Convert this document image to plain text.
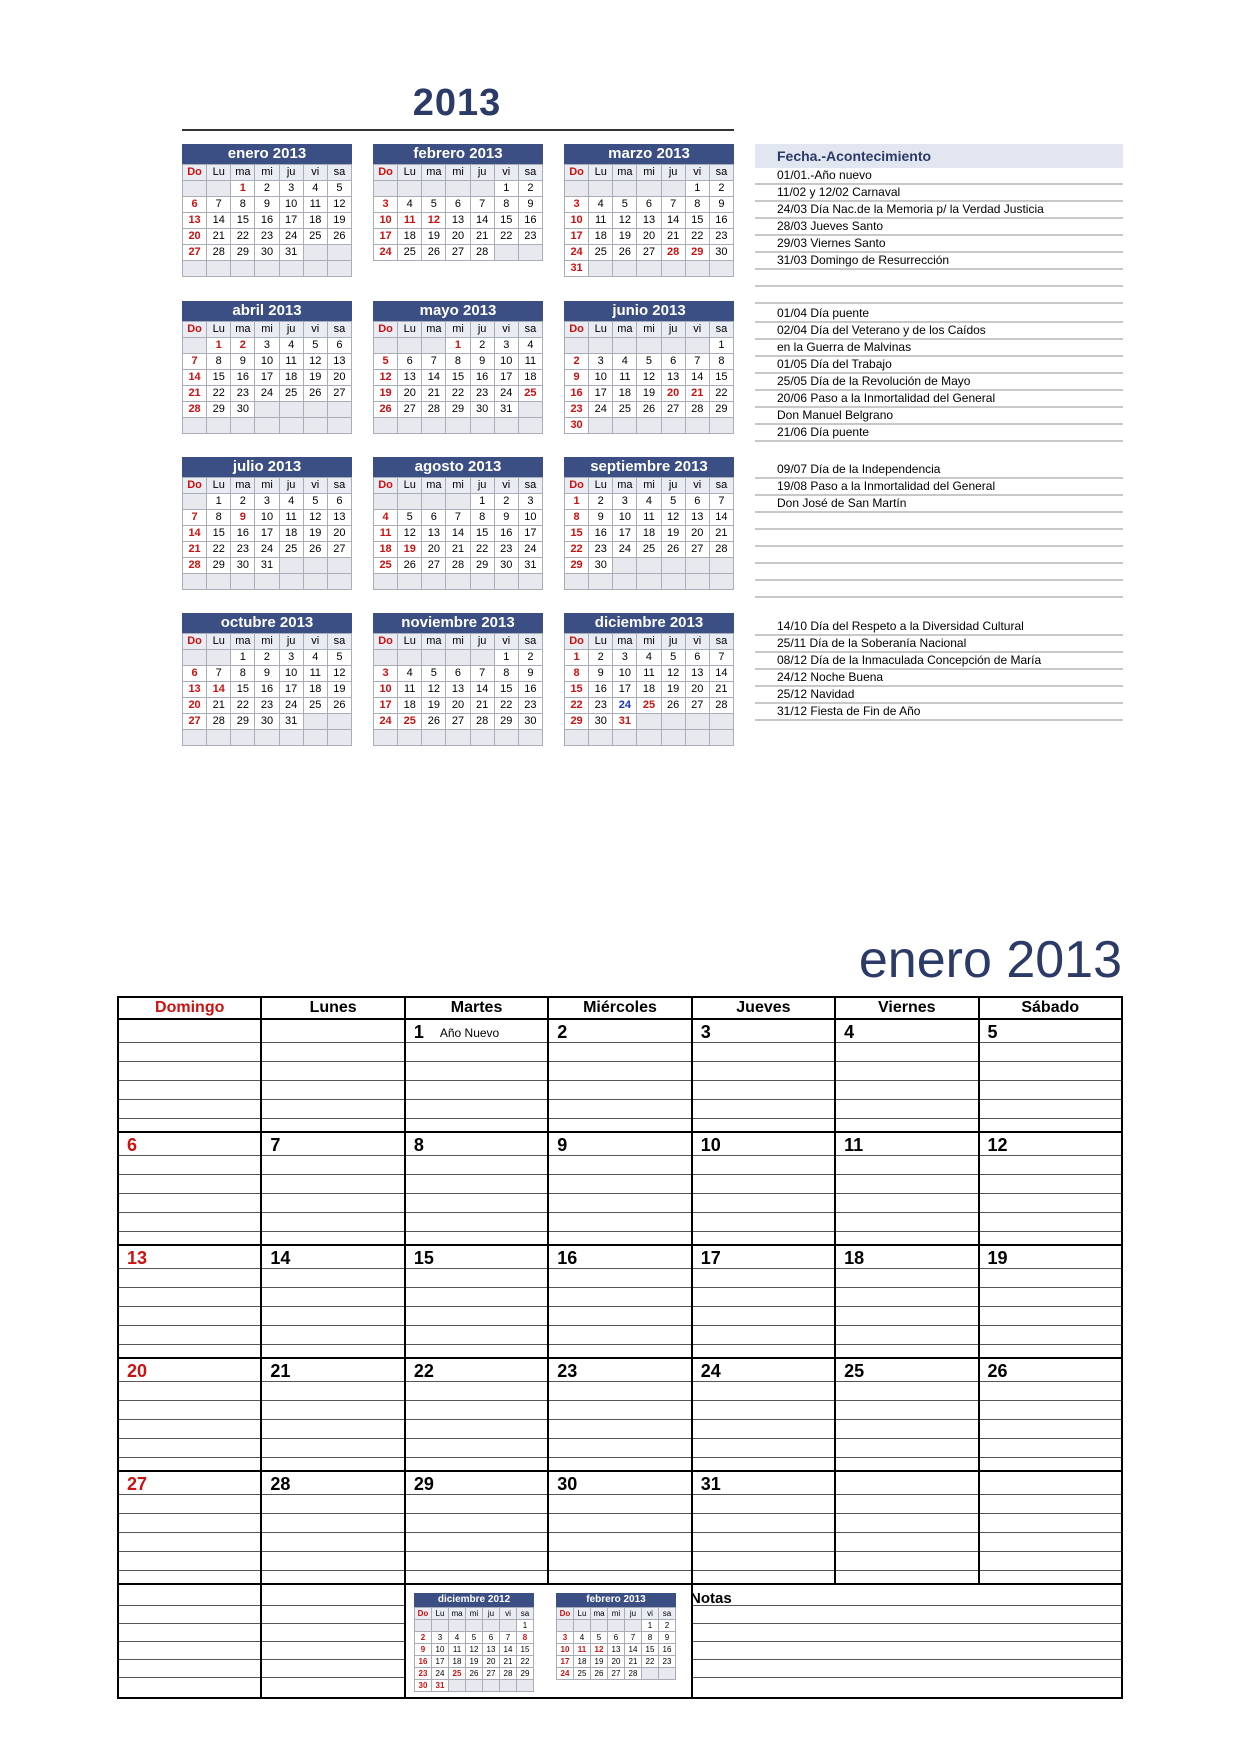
2013
enero 2013
Do	Lu	ma	mi	ju	vi	sa
		1	2	3	4	5
6	7	8	9	10	11	12
13	14	15	16	17	18	19
20	21	22	23	24	25	26
27	28	29	30	31		

febrero 2013
Do	Lu	ma	mi	ju	vi	sa
					1	2
3	4	5	6	7	8	9
10	11	12	13	14	15	16
17	18	19	20	21	22	23
24	25	26	27	28		
marzo 2013
Do	Lu	ma	mi	ju	vi	sa
					1	2
3	4	5	6	7	8	9
10	11	12	13	14	15	16
17	18	19	20	21	22	23
24	25	26	27	28	29	30
31						
abril 2013
Do	Lu	ma	mi	ju	vi	sa
	1	2	3	4	5	6
7	8	9	10	11	12	13
14	15	16	17	18	19	20
21	22	23	24	25	26	27
28	29	30				

mayo 2013
Do	Lu	ma	mi	ju	vi	sa
			1	2	3	4
5	6	7	8	9	10	11
12	13	14	15	16	17	18
19	20	21	22	23	24	25
26	27	28	29	30	31	

junio 2013
Do	Lu	ma	mi	ju	vi	sa
						1
2	3	4	5	6	7	8
9	10	11	12	13	14	15
16	17	18	19	20	21	22
23	24	25	26	27	28	29
30						
julio 2013
Do	Lu	ma	mi	ju	vi	sa
	1	2	3	4	5	6
7	8	9	10	11	12	13
14	15	16	17	18	19	20
21	22	23	24	25	26	27
28	29	30	31			

agosto 2013
Do	Lu	ma	mi	ju	vi	sa
				1	2	3
4	5	6	7	8	9	10
11	12	13	14	15	16	17
18	19	20	21	22	23	24
25	26	27	28	29	30	31

septiembre 2013
Do	Lu	ma	mi	ju	vi	sa
1	2	3	4	5	6	7
8	9	10	11	12	13	14
15	16	17	18	19	20	21
22	23	24	25	26	27	28
29	30					

octubre 2013
Do	Lu	ma	mi	ju	vi	sa
		1	2	3	4	5
6	7	8	9	10	11	12
13	14	15	16	17	18	19
20	21	22	23	24	25	26
27	28	29	30	31		

noviembre 2013
Do	Lu	ma	mi	ju	vi	sa
					1	2
3	4	5	6	7	8	9
10	11	12	13	14	15	16
17	18	19	20	21	22	23
24	25	26	27	28	29	30

diciembre 2013
Do	Lu	ma	mi	ju	vi	sa
1	2	3	4	5	6	7
8	9	10	11	12	13	14
15	16	17	18	19	20	21
22	23	24	25	26	27	28
29	30	31				

Fecha.-Acontecimiento
01/01.-Año nuevo
11/02 y 12/02 Carnaval
24/03 Día Nac.de la Memoria p/ la Verdad Justicia
28/03 Jueves Santo
29/03 Viernes Santo
31/03 Domingo de Resurrección
01/04 Día puente
02/04 Día del Veterano y de los Caídos
en la Guerra de Malvinas
01/05 Día del Trabajo
25/05 Día de la Revolución de Mayo
20/06 Paso a la Inmortalidad del General
Don Manuel Belgrano
21/06 Día puente
09/07 Día de la Independencia
19/08 Paso a la Inmortalidad del General
Don José de San Martín
14/10 Día del Respeto a la Diversidad Cultural
25/11 Día de la Soberanía Nacional
08/12 Día de la Inmaculada Concepción de María
24/12 Noche Buena
25/12 Navidad
31/12 Fiesta de Fin de Año
enero 2013
Domingo	Lunes	Martes	Miércoles	Jueves	Viernes	Sábado

		1 Año Nuevo	2	3	4	5

6	7	8	9	10	11	12

13	14	15	16	17	18	19

20	21	22	23	24	25	26

27	28	29	30	31		

diciembre 2012
Do	Lu	ma	mi	ju	vi	sa
						1
2	3	4	5	6	7	8
9	10	11	12	13	14	15
16	17	18	19	20	21	22
23	24	25	26	27	28	29
30	31					
febrero 2013
Do	Lu	ma	mi	ju	vi	sa
					1	2
3	4	5	6	7	8	9
10	11	12	13	14	15	16
17	18	19	20	21	22	23
24	25	26	27	28		
Notas
